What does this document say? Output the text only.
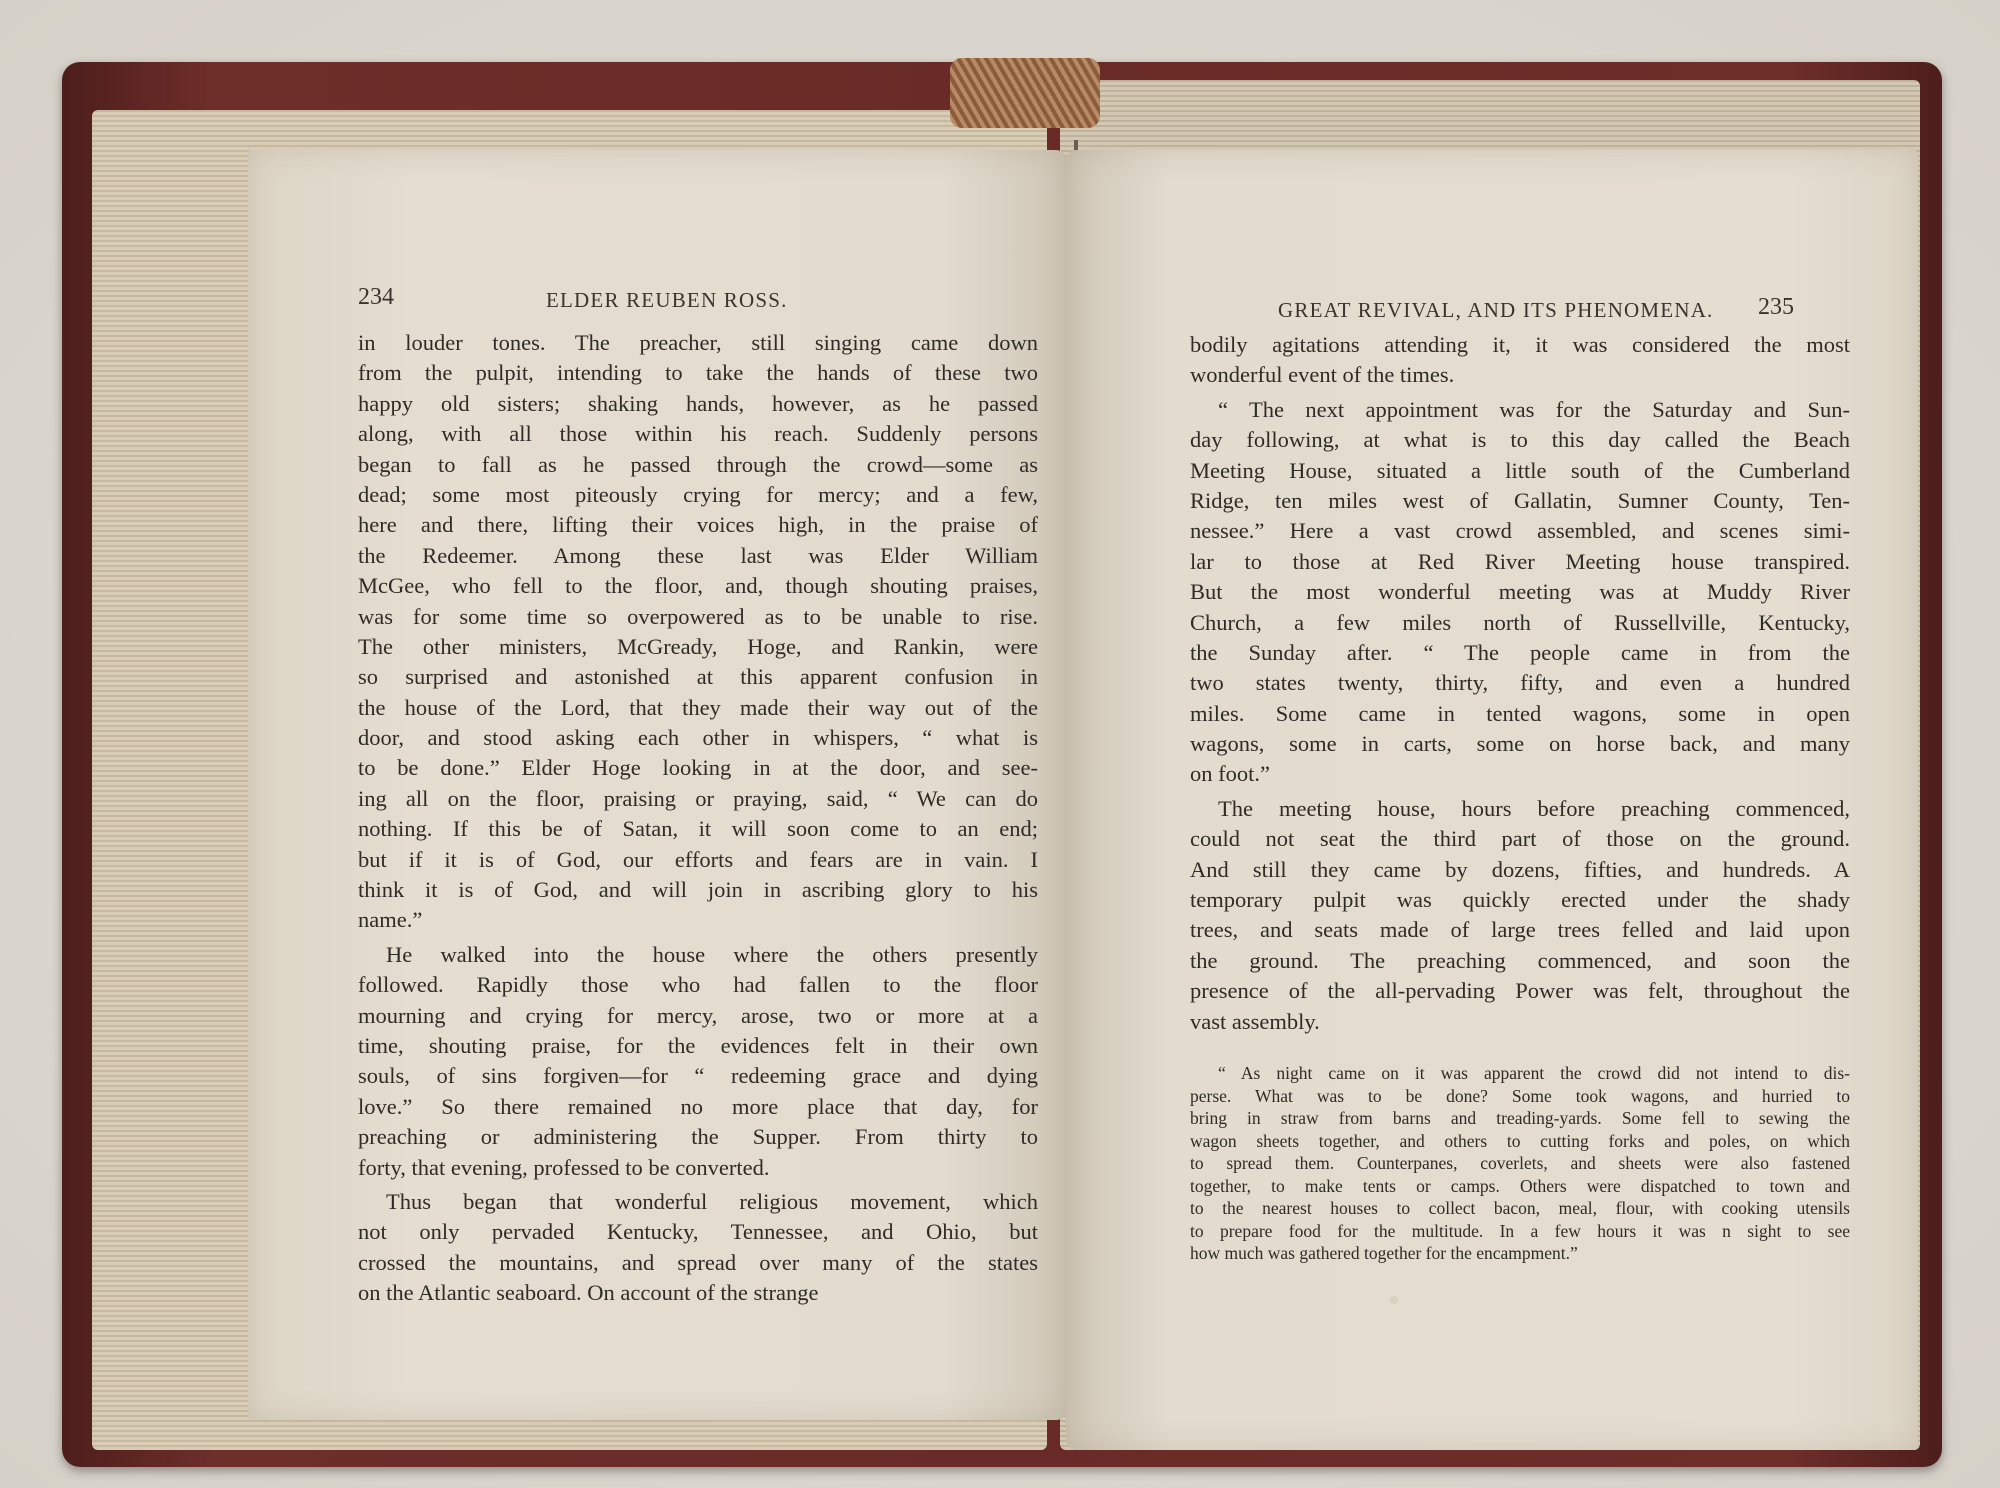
234	ELDER REUBEN ROSS.
in louder tones. The preacher, still singing came down
from the pulpit, intending to take the hands of these two
happy old sisters; shaking hands, however, as he passed
along, with all those within his reach. Suddenly persons
began to fall as he passed through the crowd—some as
dead; some most piteously crying for mercy; and a few,
here and there, lifting their voices high, in the praise of
the Redeemer. Among these last was Elder William
McGee, who fell to the floor, and, though shouting praises,
was for some time so overpowered as to be unable to rise.
The other ministers, McGready, Hoge, and Rankin, were
so surprised and astonished at this apparent confusion in
the house of the Lord, that they made their way out of the
door, and stood asking each other in whispers, “ what is
to be done.” Elder Hoge looking in at the door, and see-
ing all on the floor, praising or praying, said, “ We can do
nothing. If this be of Satan, it will soon come to an end;
but if it is of God, our efforts and fears are in vain. I
think it is of God, and will join in ascribing glory to his
name.”
He walked into the house where the others presently
followed. Rapidly those who had fallen to the floor
mourning and crying for mercy, arose, two or more at a
time, shouting praise, for the evidences felt in their own
souls, of sins forgiven—for “ redeeming grace and dying
love.” So there remained no more place that day, for
preaching or administering the Supper. From thirty to
forty, that evening, professed to be converted.
Thus began that wonderful religious movement, which
not only pervaded Kentucky, Tennessee, and Ohio, but
crossed the mountains, and spread over many of the states
on the Atlantic seaboard. On account of the strange
GREAT REVIVAL, AND ITS PHENOMENA. 235
bodily agitations attending it, it was considered the most
wonderful event of the times.
“ The next appointment was for the Saturday and Sun-
day following, at what is to this day called the Beach
Meeting House, situated a little south of the Cumberland
Ridge, ten miles west of Gallatin, Sumner County, Ten-
nessee.” Here a vast crowd assembled, and scenes simi-
lar to those at Red River Meeting house transpired.
But the most wonderful meeting was at Muddy River
Church, a few miles north of Russellville, Kentucky,
the Sunday after. “ The people came in from the
two states twenty, thirty, fifty, and even a hundred
miles. Some came in tented wagons, some in open
wagons, some in carts, some on horse back, and many
on foot.”
The meeting house, hours before preaching commenced,
could not seat the third part of those on the ground.
And still they came by dozens, fifties, and hundreds. A
temporary pulpit was quickly erected under the shady
trees, and seats made of large trees felled and laid upon
the ground. The preaching commenced, and soon the
presence of the all-pervading Power was felt, throughout the
vast assembly.
“ As night came on it was apparent the crowd did not intend to dis-
perse. What was to be done? Some took wagons, and hurried to
bring in straw from barns and treading-yards. Some fell to sewing the
wagon sheets together, and others to cutting forks and poles, on which
to spread them. Counterpanes, coverlets, and sheets were also fastened
together, to make tents or camps. Others were dispatched to town and
to the nearest houses to collect bacon, meal, flour, with cooking utensils
to prepare food for the multitude. In a few hours it was n sight to see
how much was gathered together for the encampment.”
